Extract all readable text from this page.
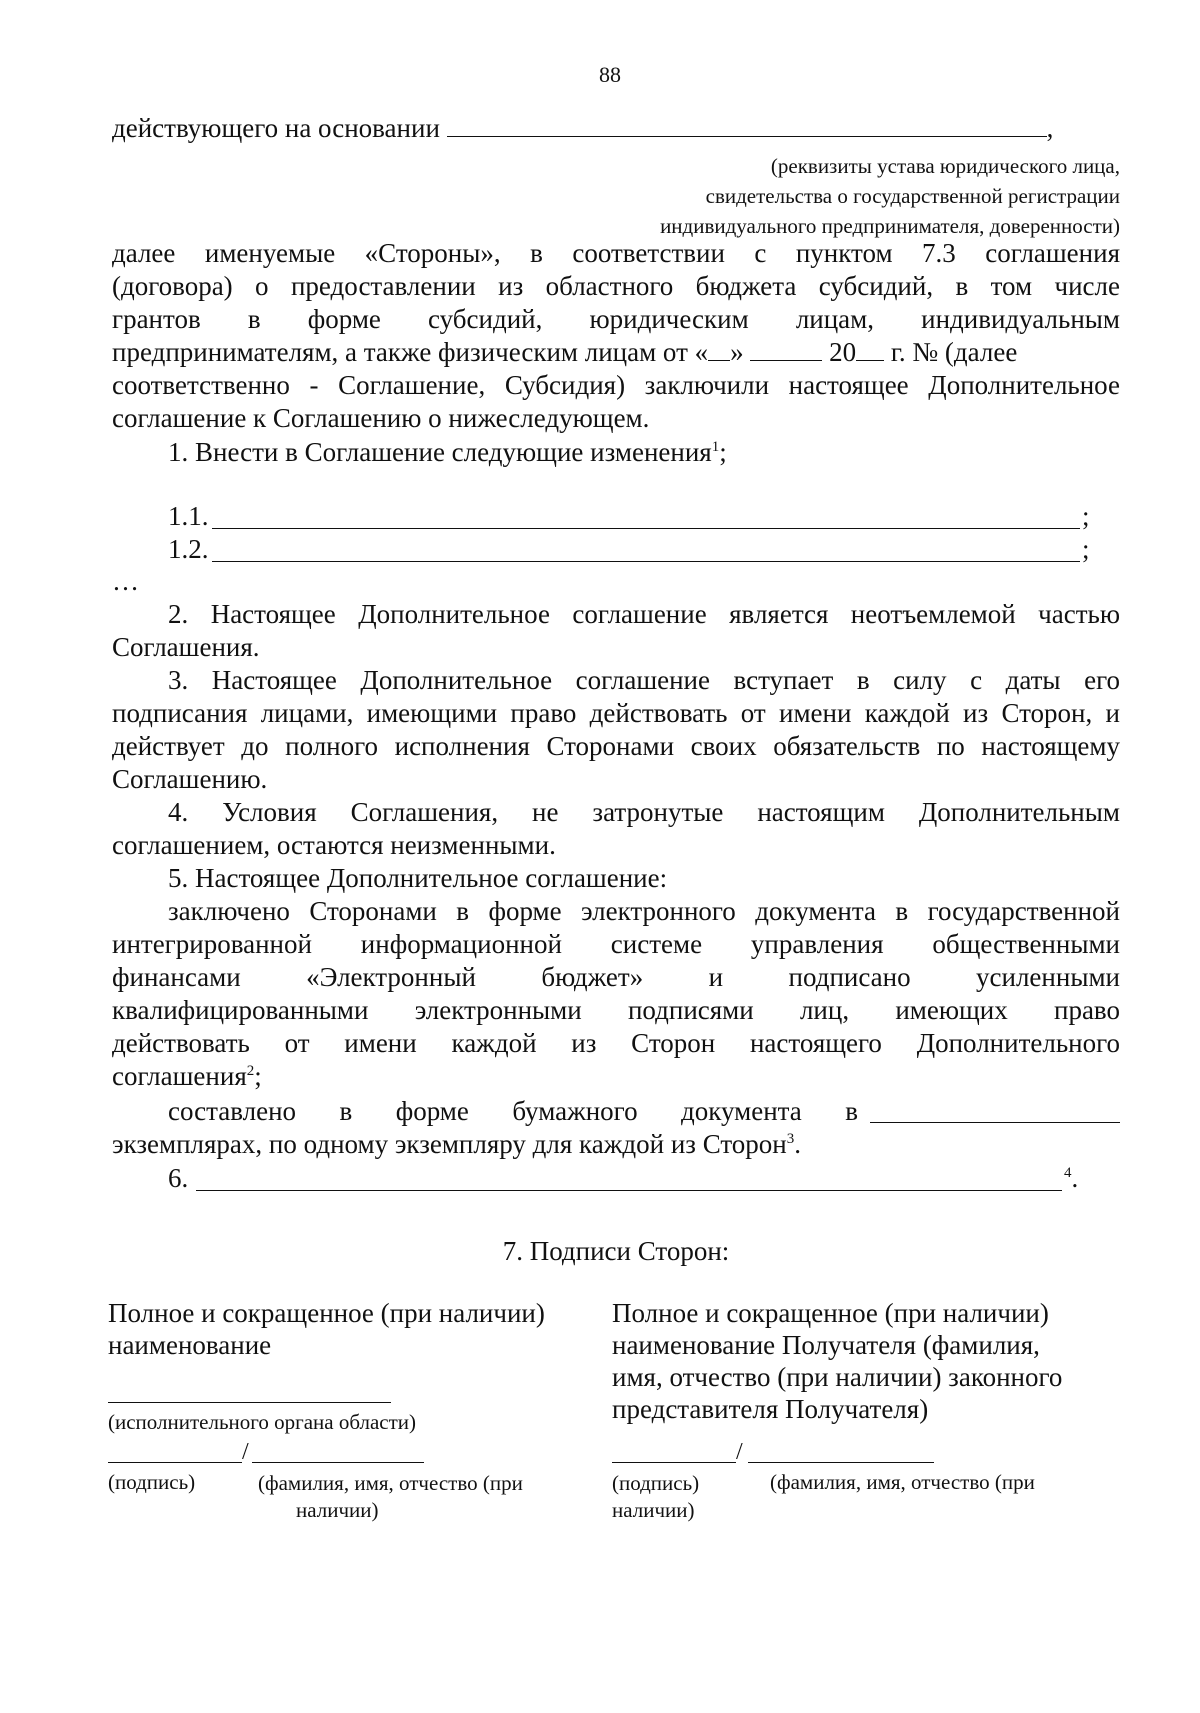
88
действующего на основании	,
(реквизиты устава юридического лица,
свидетельства о государственной регистрации
индивидуального предпринимателя, доверенности)
далее именуемые «Стороны», в соответствии с пунктом 7.3 соглашения
(договора) о предоставлении из областного бюджета субсидий, в том числе
грантов в форме субсидий, юридическим лицам, индивидуальным
предпринимателям, а также физическим лицам от « »	20 г. № (далее
соответственно - Соглашение, Субсидия) заключили настоящее Дополнительное
соглашение к Соглашению о нижеследующем.
1. Внести в Соглашение следующие изменения$^1$;
1.1.	;
1.2.	;
…
2. Настоящее Дополнительное соглашение является неотъемлемой частью
Соглашения.
3. Настоящее Дополнительное соглашение вступает в силу с даты его
подписания лицами, имеющими право действовать от имени каждой из Сторон, и
действует до полного исполнения Сторонами своих обязательств по настоящему
Соглашению.
4. Условия Соглашения, не затронутые настоящим Дополнительным
соглашением, остаются неизменными.
5. Настоящее Дополнительное соглашение:
заключено Сторонами в форме электронного документа в государственной
интегрированной информационной системе управления общественными
финансами «Электронный бюджет» и подписано усиленными
квалифицированными электронными подписями лиц, имеющих право
действовать от имени каждой из Сторон настоящего Дополнительного
соглашения$^2$;
составлено в форме бумажного документа в
экземплярах, по одному экземпляру для каждой из Сторон$^3$.
6.	$^4$.
7. Подписи Сторон:
Полное и сокращенное (при наличии)
наименование
(исполнительного органа области)
/
(подпись)	(фамилия, имя, отчество (при
наличии)
Полное и сокращенное (при наличии)
наименование Получателя (фамилия,
имя, отчество (при наличии) законного
представителя Получателя)
/
(подпись)
наличии)
(фамилия, имя, отчество (при
